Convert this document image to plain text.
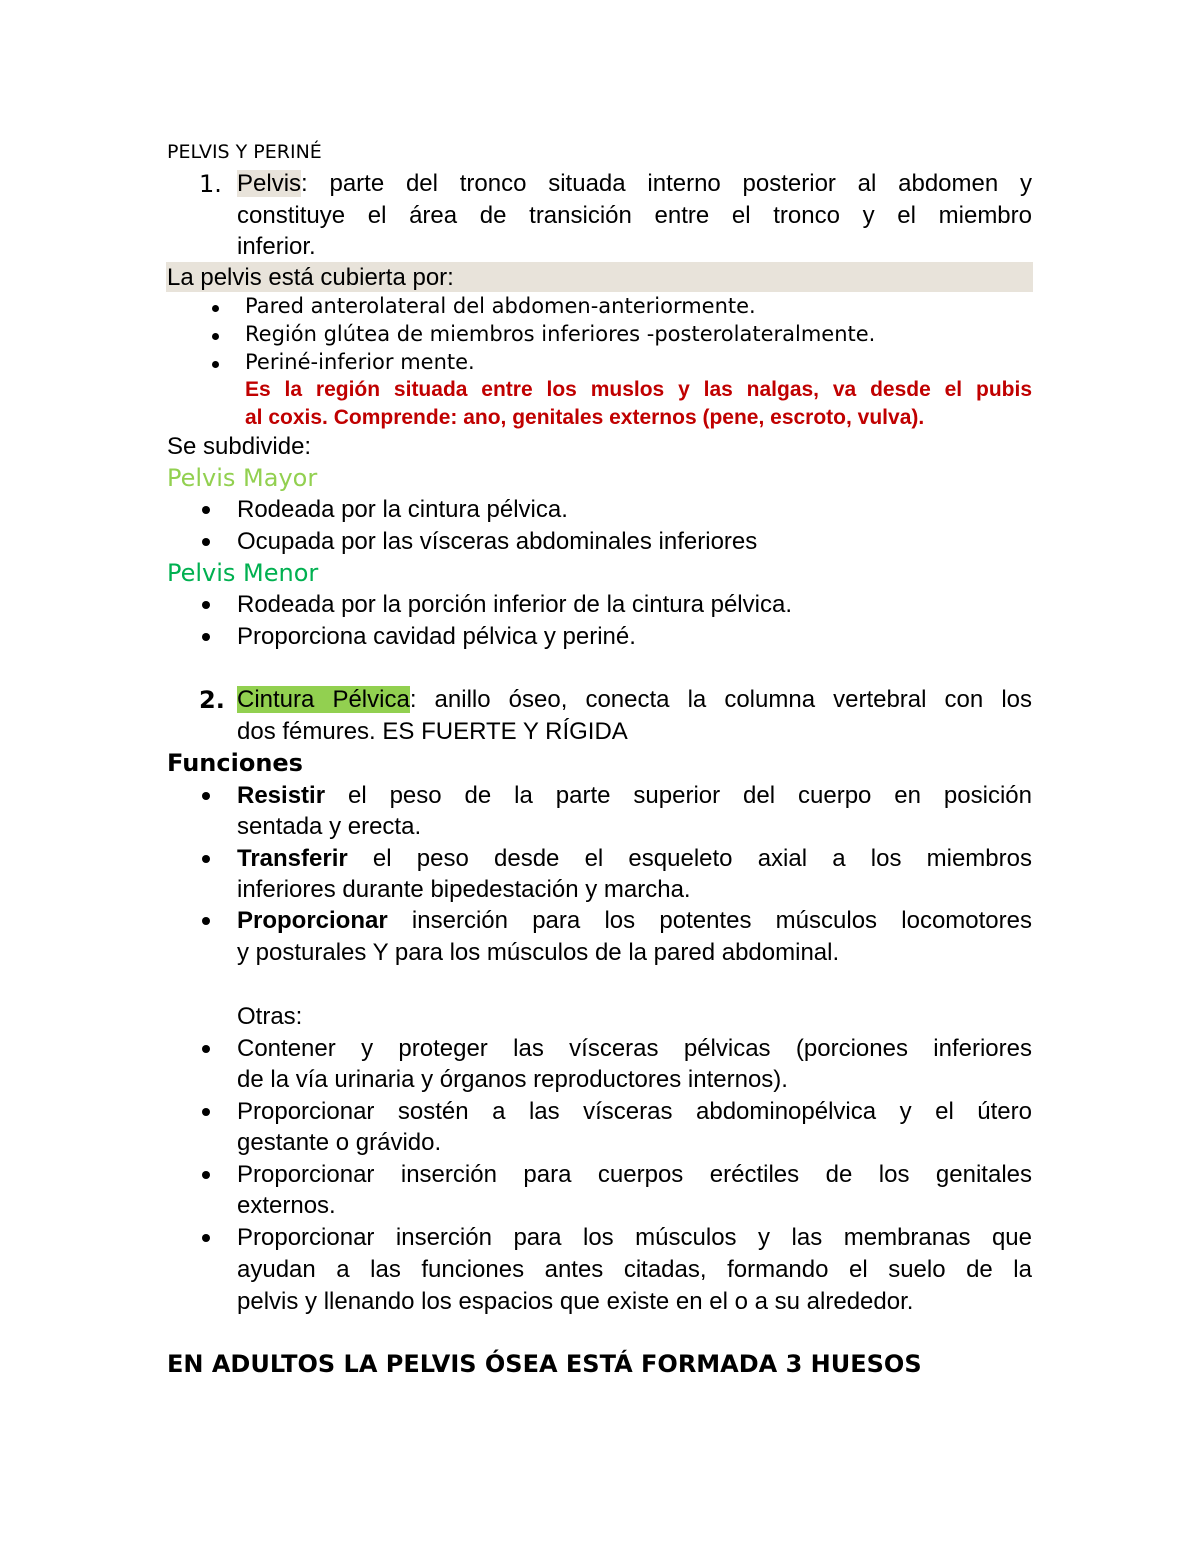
PELVIS Y PERINÉ
1. Pelvis: parte del tronco situada interno posterior al abdomen y
constituye el área de transición entre el tronco y el miembro
inferior.
La pelvis está cubierta por:
Pared anterolateral del abdomen-anteriormente.
Región glútea de miembros inferiores -posterolateralmente.
Periné-inferior mente.
Es la región situada entre los muslos y las nalgas, va desde el pubis
al coxis. Comprende: ano, genitales externos (pene, escroto, vulva).
Se subdivide:
Pelvis Mayor
Rodeada por la cintura pélvica.
Ocupada por las vísceras abdominales inferiores
Pelvis Menor
Rodeada por la porción inferior de la cintura pélvica.
Proporciona cavidad pélvica y periné.
2. Cintura Pélvica: anillo óseo, conecta la columna vertebral con los
dos fémures. ES FUERTE Y RÍGIDA
Funciones
Resistir el peso de la parte superior del cuerpo en posición
sentada y erecta.
Transferir el peso desde el esqueleto axial a los miembros
inferiores durante bipedestación y marcha.
Proporcionar inserción para los potentes músculos locomotores
y posturales Y para los músculos de la pared abdominal.
Otras:
Contener y proteger las vísceras pélvicas (porciones inferiores
de la vía urinaria y órganos reproductores internos).
Proporcionar sostén a las vísceras abdominopélvica y el útero
gestante o grávido.
Proporcionar inserción para cuerpos eréctiles de los genitales
externos.
Proporcionar inserción para los músculos y las membranas que
ayudan a las funciones antes citadas, formando el suelo de la
pelvis y llenando los espacios que existe en el o a su alrededor.
EN ADULTOS LA PELVIS ÓSEA ESTÁ FORMADA 3 HUESOS
